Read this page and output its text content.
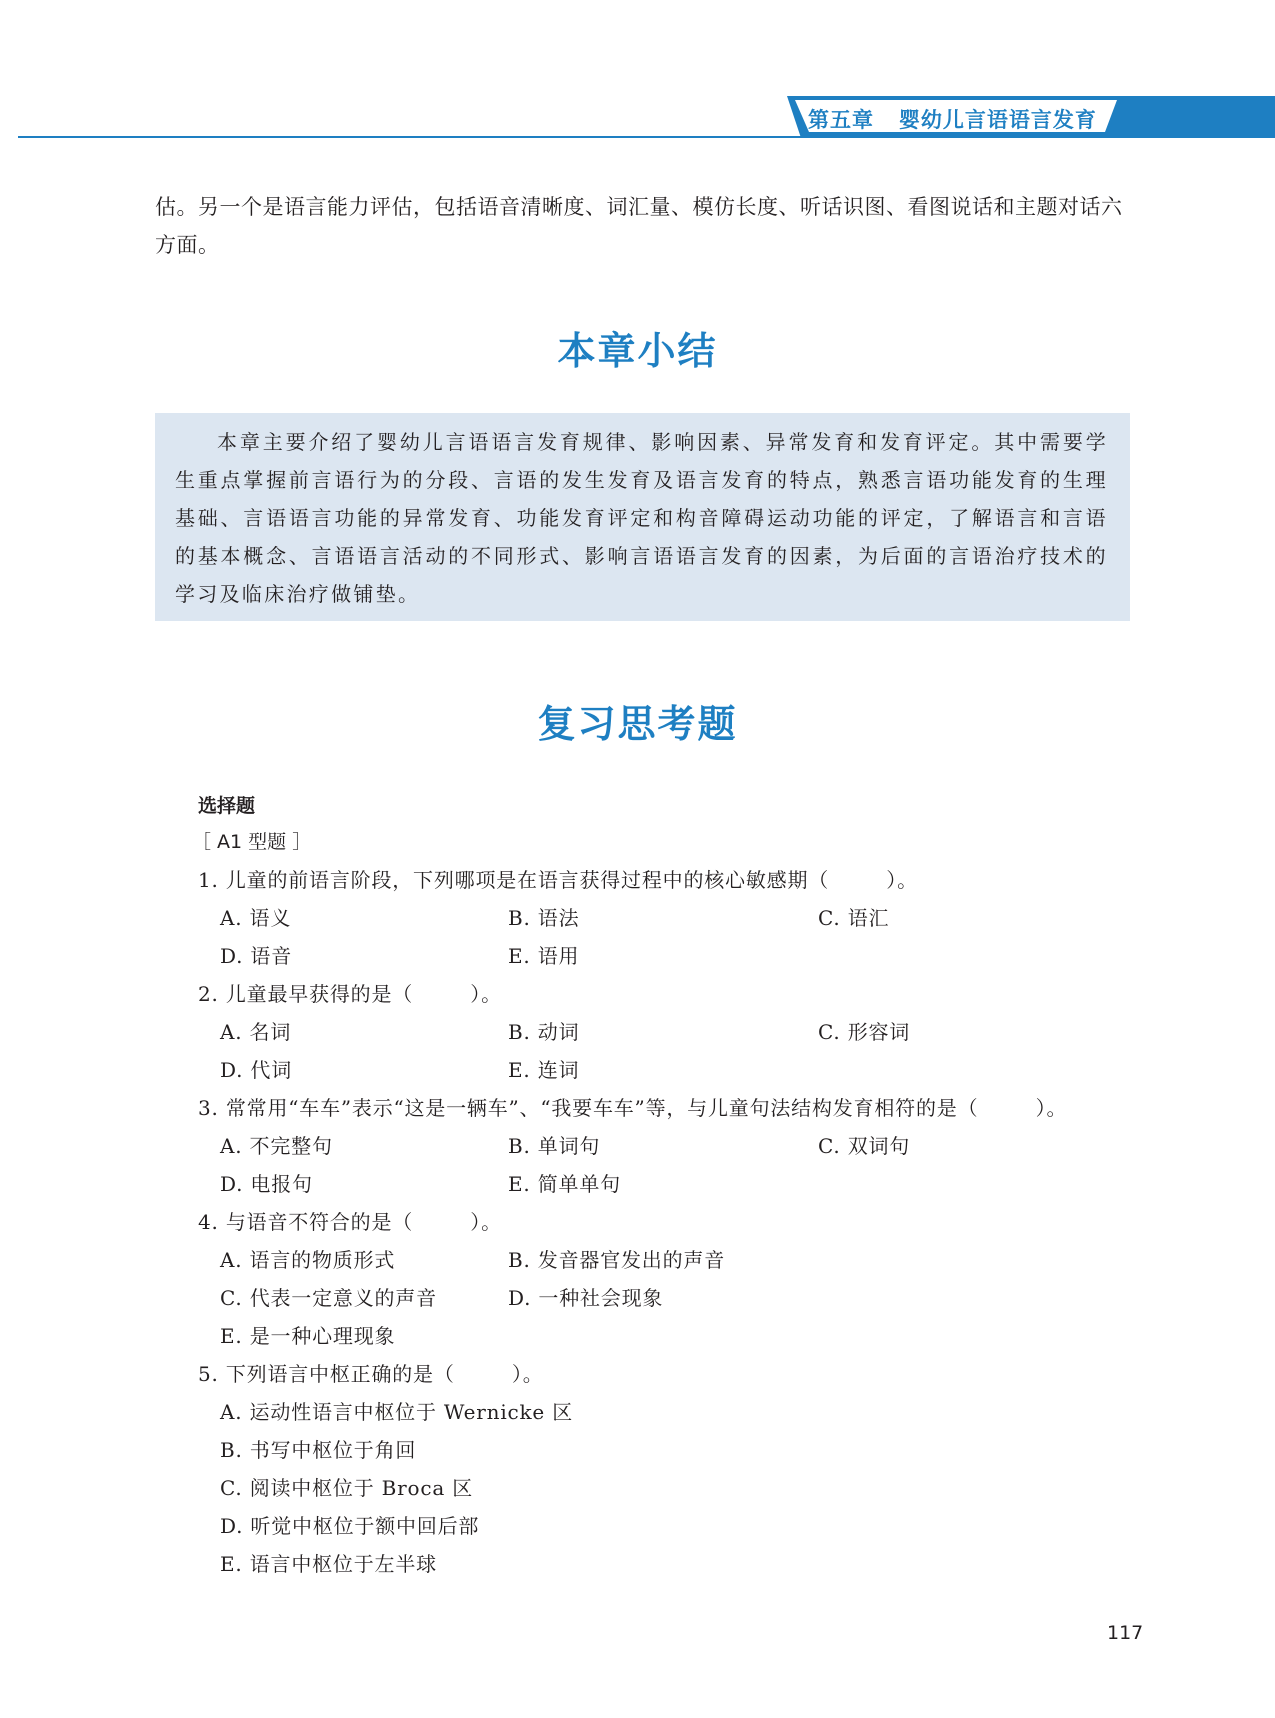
第五章   婴幼儿言语语言发育
估。另一个是语言能力评估，包括语音清晰度、词汇量、模仿长度、听话识图、看图说话和主题对话六方面。
本章小结

本章主要介绍了婴幼儿言语语言发育规律、影响因素、异常发育和发育评定。其中需要学生重点掌握前言语行为的分段、言语的发生发育及语言发育的特点，熟悉言语功能发育的生理基础、言语语言功能的异常发育、功能发育评定和构音障碍运动功能的评定，了解语言和言语的基本概念、言语语言活动的不同形式、影响言语语言发育的因素，为后面的言语治疗技术的学习及临床治疗做铺垫。

复习思考题
选择题
［ A1 型题 ］
1. 儿童的前语言阶段，下列哪项是在语言获得过程中的核心敏感期（        ）。
A. 语义	B. 语法	C. 语汇
D. 语音	E. 语用
2. 儿童最早获得的是（        ）。
A. 名词	B. 动词	C. 形容词
D. 代词	E. 连词
3. 常常用“车车”表示“这是一辆车”、“我要车车”等，与儿童句法结构发育相符的是（        ）。
A. 不完整句	B. 单词句	C. 双词句
D. 电报句	E. 简单单句
4. 与语音不符合的是（        ）。
A. 语言的物质形式	B. 发音器官发出的声音
C. 代表一定意义的声音	D. 一种社会现象
E. 是一种心理现象
5. 下列语言中枢正确的是（        ）。
A. 运动性语言中枢位于 Wernicke 区
B. 书写中枢位于角回
C. 阅读中枢位于 Broca 区
D. 听觉中枢位于额中回后部
E. 语言中枢位于左半球
117
